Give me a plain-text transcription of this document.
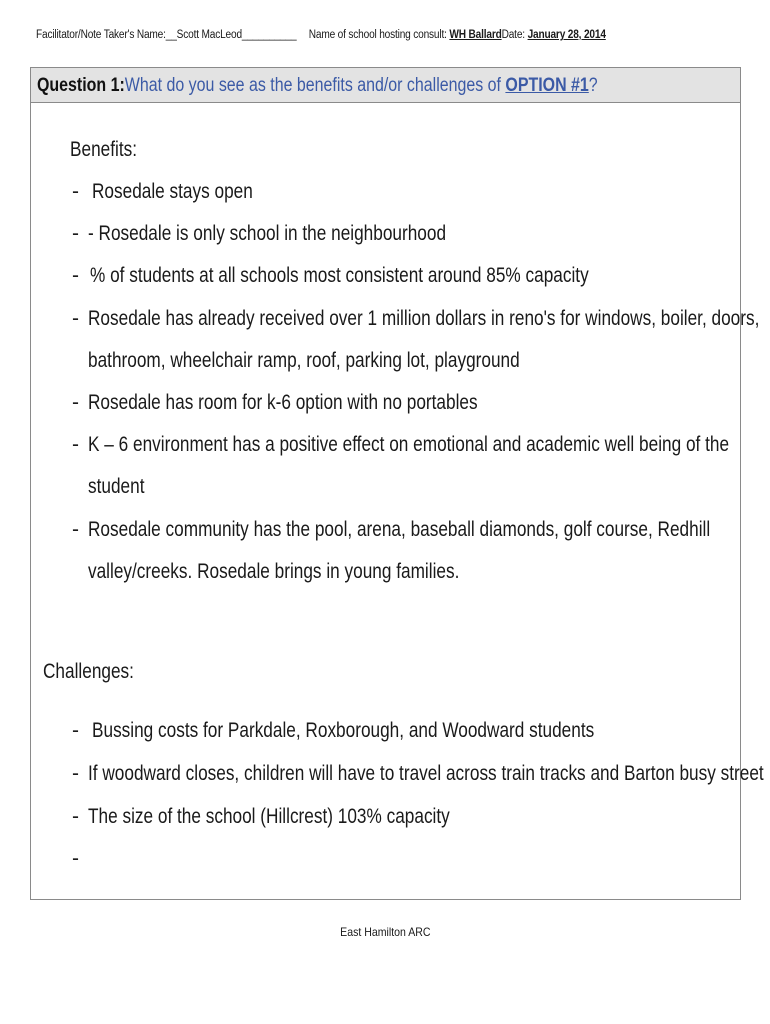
Facilitator/Note Taker's Name:__Scott MacLeod__________ Name of school hosting consult: WH BallardDate: January 28, 2014
Question 1:What do you see as the benefits and/or challenges of OPTION #1?
Benefits:
- Rosedale stays open
- - Rosedale is only school in the neighbourhood
- % of students at all schools most consistent around 85% capacity
- Rosedale has already received over 1 million dollars in reno's for windows, boiler, doors,
bathroom, wheelchair ramp, roof, parking lot, playground
- Rosedale has room for k-6 option with no portables
- K – 6 environment has a positive effect on emotional and academic well being of the
student
- Rosedale community has the pool, arena, baseball diamonds, golf course, Redhill
valley/creeks. Rosedale brings in young families.
Challenges:
- Bussing costs for Parkdale, Roxborough, and Woodward students
- If woodward closes, children will have to travel across train tracks and Barton busy street
- The size of the school (Hillcrest) 103% capacity
-
East Hamilton ARC
